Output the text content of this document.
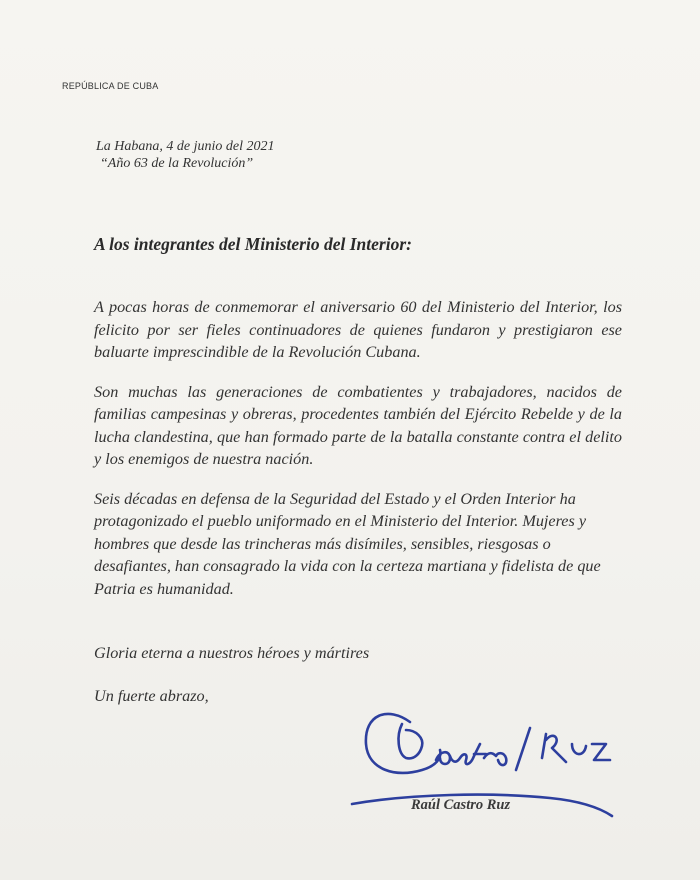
REPÚBLICA DE CUBA
La Habana, 4 de junio del 2021
“Año 63 de la Revolución”
A los integrantes del Ministerio del Interior:

A pocas horas de conmemorar el aniversario 60 del Ministerio del Interior, los felicito por ser fieles continuadores de quienes fundaron y prestigiaron ese baluarte imprescindible de la Revolución Cubana.

Son muchas las generaciones de combatientes y trabajadores, nacidos de familias campesinas y obreras, procedentes también del Ejército Rebelde y de la lucha clandestina, que han formado parte de la batalla constante contra el delito y los enemigos de nuestra nación.

Seis décadas en defensa de la Seguridad del Estado y el Orden Interior ha protagonizado el pueblo uniformado en el Ministerio del Interior. Mujeres y hombres que desde las trincheras más disímiles, sensibles, riesgosas o desafiantes, han consagrado la vida con la certeza martiana y fidelista de que Patria es humanidad.

Gloria eterna a nuestros héroes y mártires
Un fuerte abrazo,
Raúl Castro Ruz
